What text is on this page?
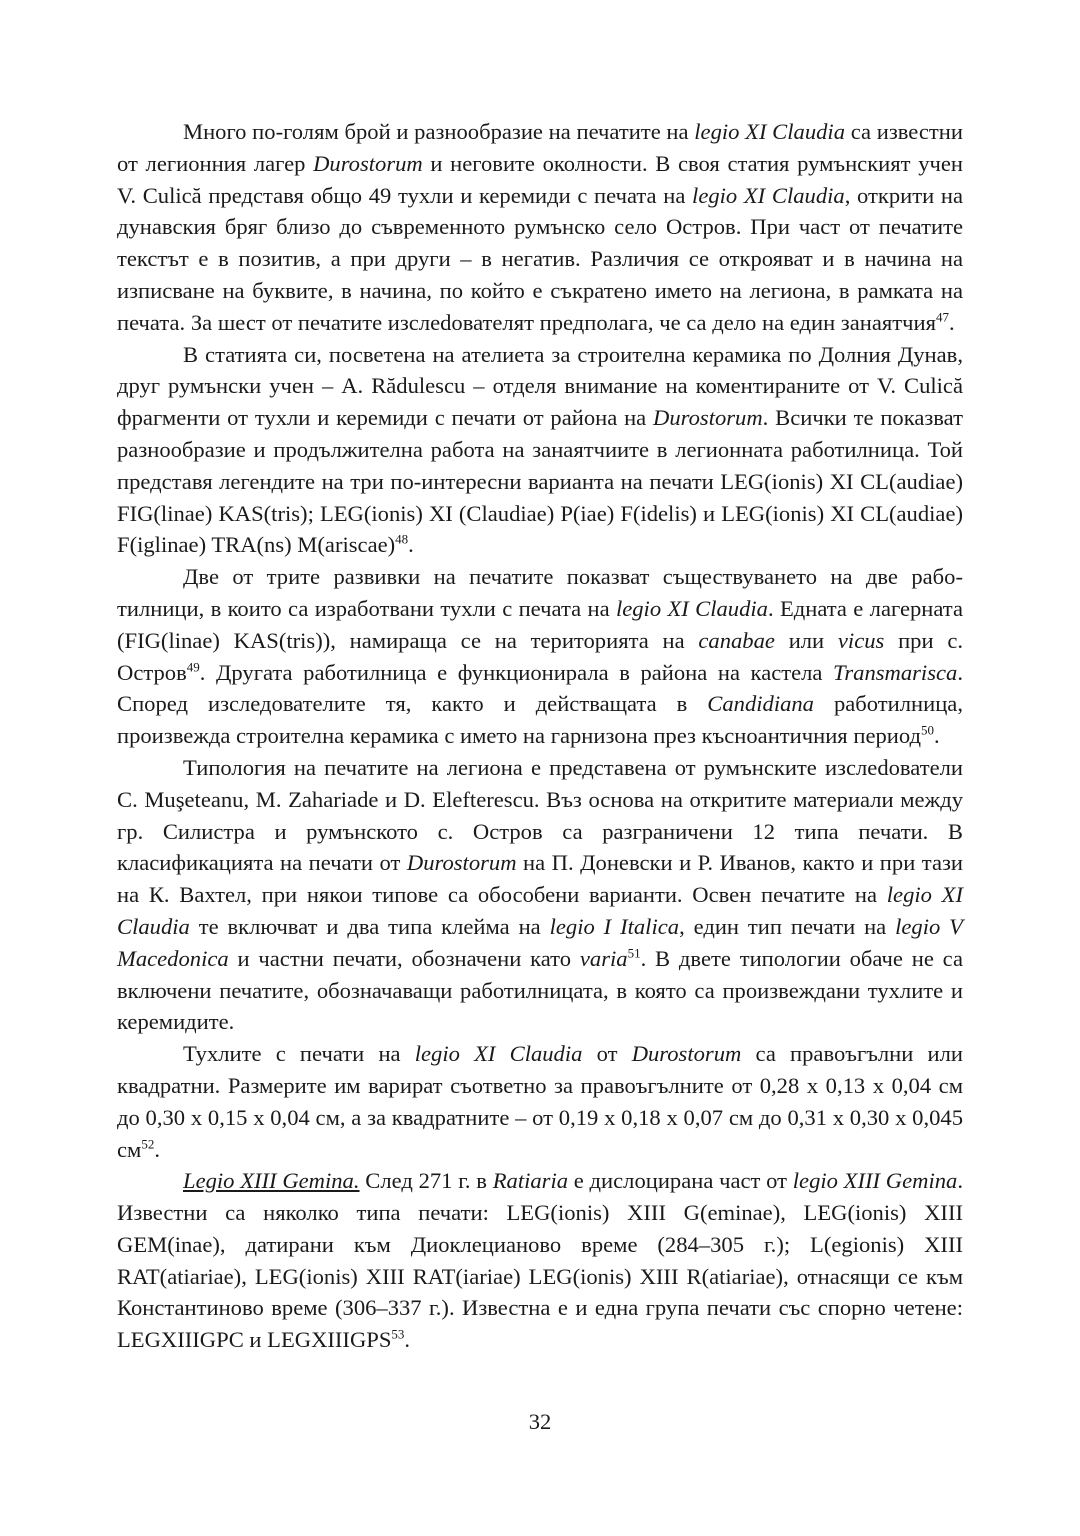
Много по-голям брой и разнообразие на печатите на legio XI Claudia са известни от легионния лагер Durostorum и неговите околности. В своя статия румънският учен V. Culică представя общо 49 тухли и керемиди с печата на legio XI Claudia, открити на дунавския бряг близо до съвременното румънско село Остров. При част от печатите текстът е в позитив, а при други – в негатив. Различия се открояват и в начина на изписване на буквите, в начина, по който е съкратено името на легиона, в рамката на печата. За шест от печатите изслеdователят предполага, че са дело на един занаятчия$^{47}$.

В статията си, посветена на ателиета за строителна керамика по Долния Дунав, друг румънски учен – A. Rădulescu – отделя внимание на коментираните от V. Culică фрагменти от тухли и керемиди с печати от района на Durostorum. Всички те показват разнообразие и продължителна работа на занаятчиите в легионната работилница. Той представя легендите на три по-интересни варианта на печати LEG(ionis) XI CL(audiae) FIG(linae) KAS(tris); LEG(ionis) XI (Claudiae) P(iae) F(idelis) и LEG(ionis) XI CL(audiae) F(iglinae) TRA(ns) M(ariscae)$^{48}$.

Две от трите развивки на печатите показват съществуването на две работилници, в които са изработвани тухли с печата на legio XI Claudia. Едната е лагерната (FIG(linae) KAS(tris)), намираща се на територията на canabae или vicus при с. Остров$^{49}$. Другата работилница е функционирала в района на кастела Transmarisca. Според изследователите тя, както и действащата в Candidiana работилница, произвежда строителна керамика с името на гарнизона през късноантичния период$^{50}$.

Типология на печатите на легиона е представена от румънските изслеdователи C. Muşeteanu, M. Zahariade и D. Elefterescu. Въз основа на откритите материали между гр. Силистра и румънското с. Остров са разграничени 12 типа печати. В класификацията на печати от Durostorum на П. Доневски и Р. Иванов, както и при тази на К. Вахтел, при някои типове са обособени варианти. Освен печатите на legio XI Claudia те включват и два типа клейма на legio I Italica, един тип печати на legio V Macedonica и частни печати, обозначени като varia$^{51}$. В двете типологии обаче не са включени печатите, обозначаващи работилницата, в която са произвеждани тухлите и керемидите.

Тухлите с печати на legio XI Claudia от Durostorum са правоъгълни или квадратни. Размерите им варират съответно за правоъгълните от 0,28 x 0,13 x 0,04 см до 0,30 x 0,15 x 0,04 см, а за квадратните – от 0,19 x 0,18 x 0,07 см до 0,31 x 0,30 x 0,045 $см^{52}$.

Legio XIII Gemina. След 271 г. в Ratiaria е дислоцирана част от legio XIII Gemina. Известни са няколко типа печати: LEG(ionis) XIII G(eminae), LEG(ionis) XIII GEM(inae), датирани към Диоклецианово време (284–305 г.); L(egionis) XIII RAT(atiariae), LEG(ionis) XIII RAT(iariae) LEG(ionis) XIII R(atiariae), отнасящи се към Константиново време (306–337 г.). Известна е и една група печати със спорно четене: LEGXIIIGPC и LEGXIIIGPS$^{53}$.

32
